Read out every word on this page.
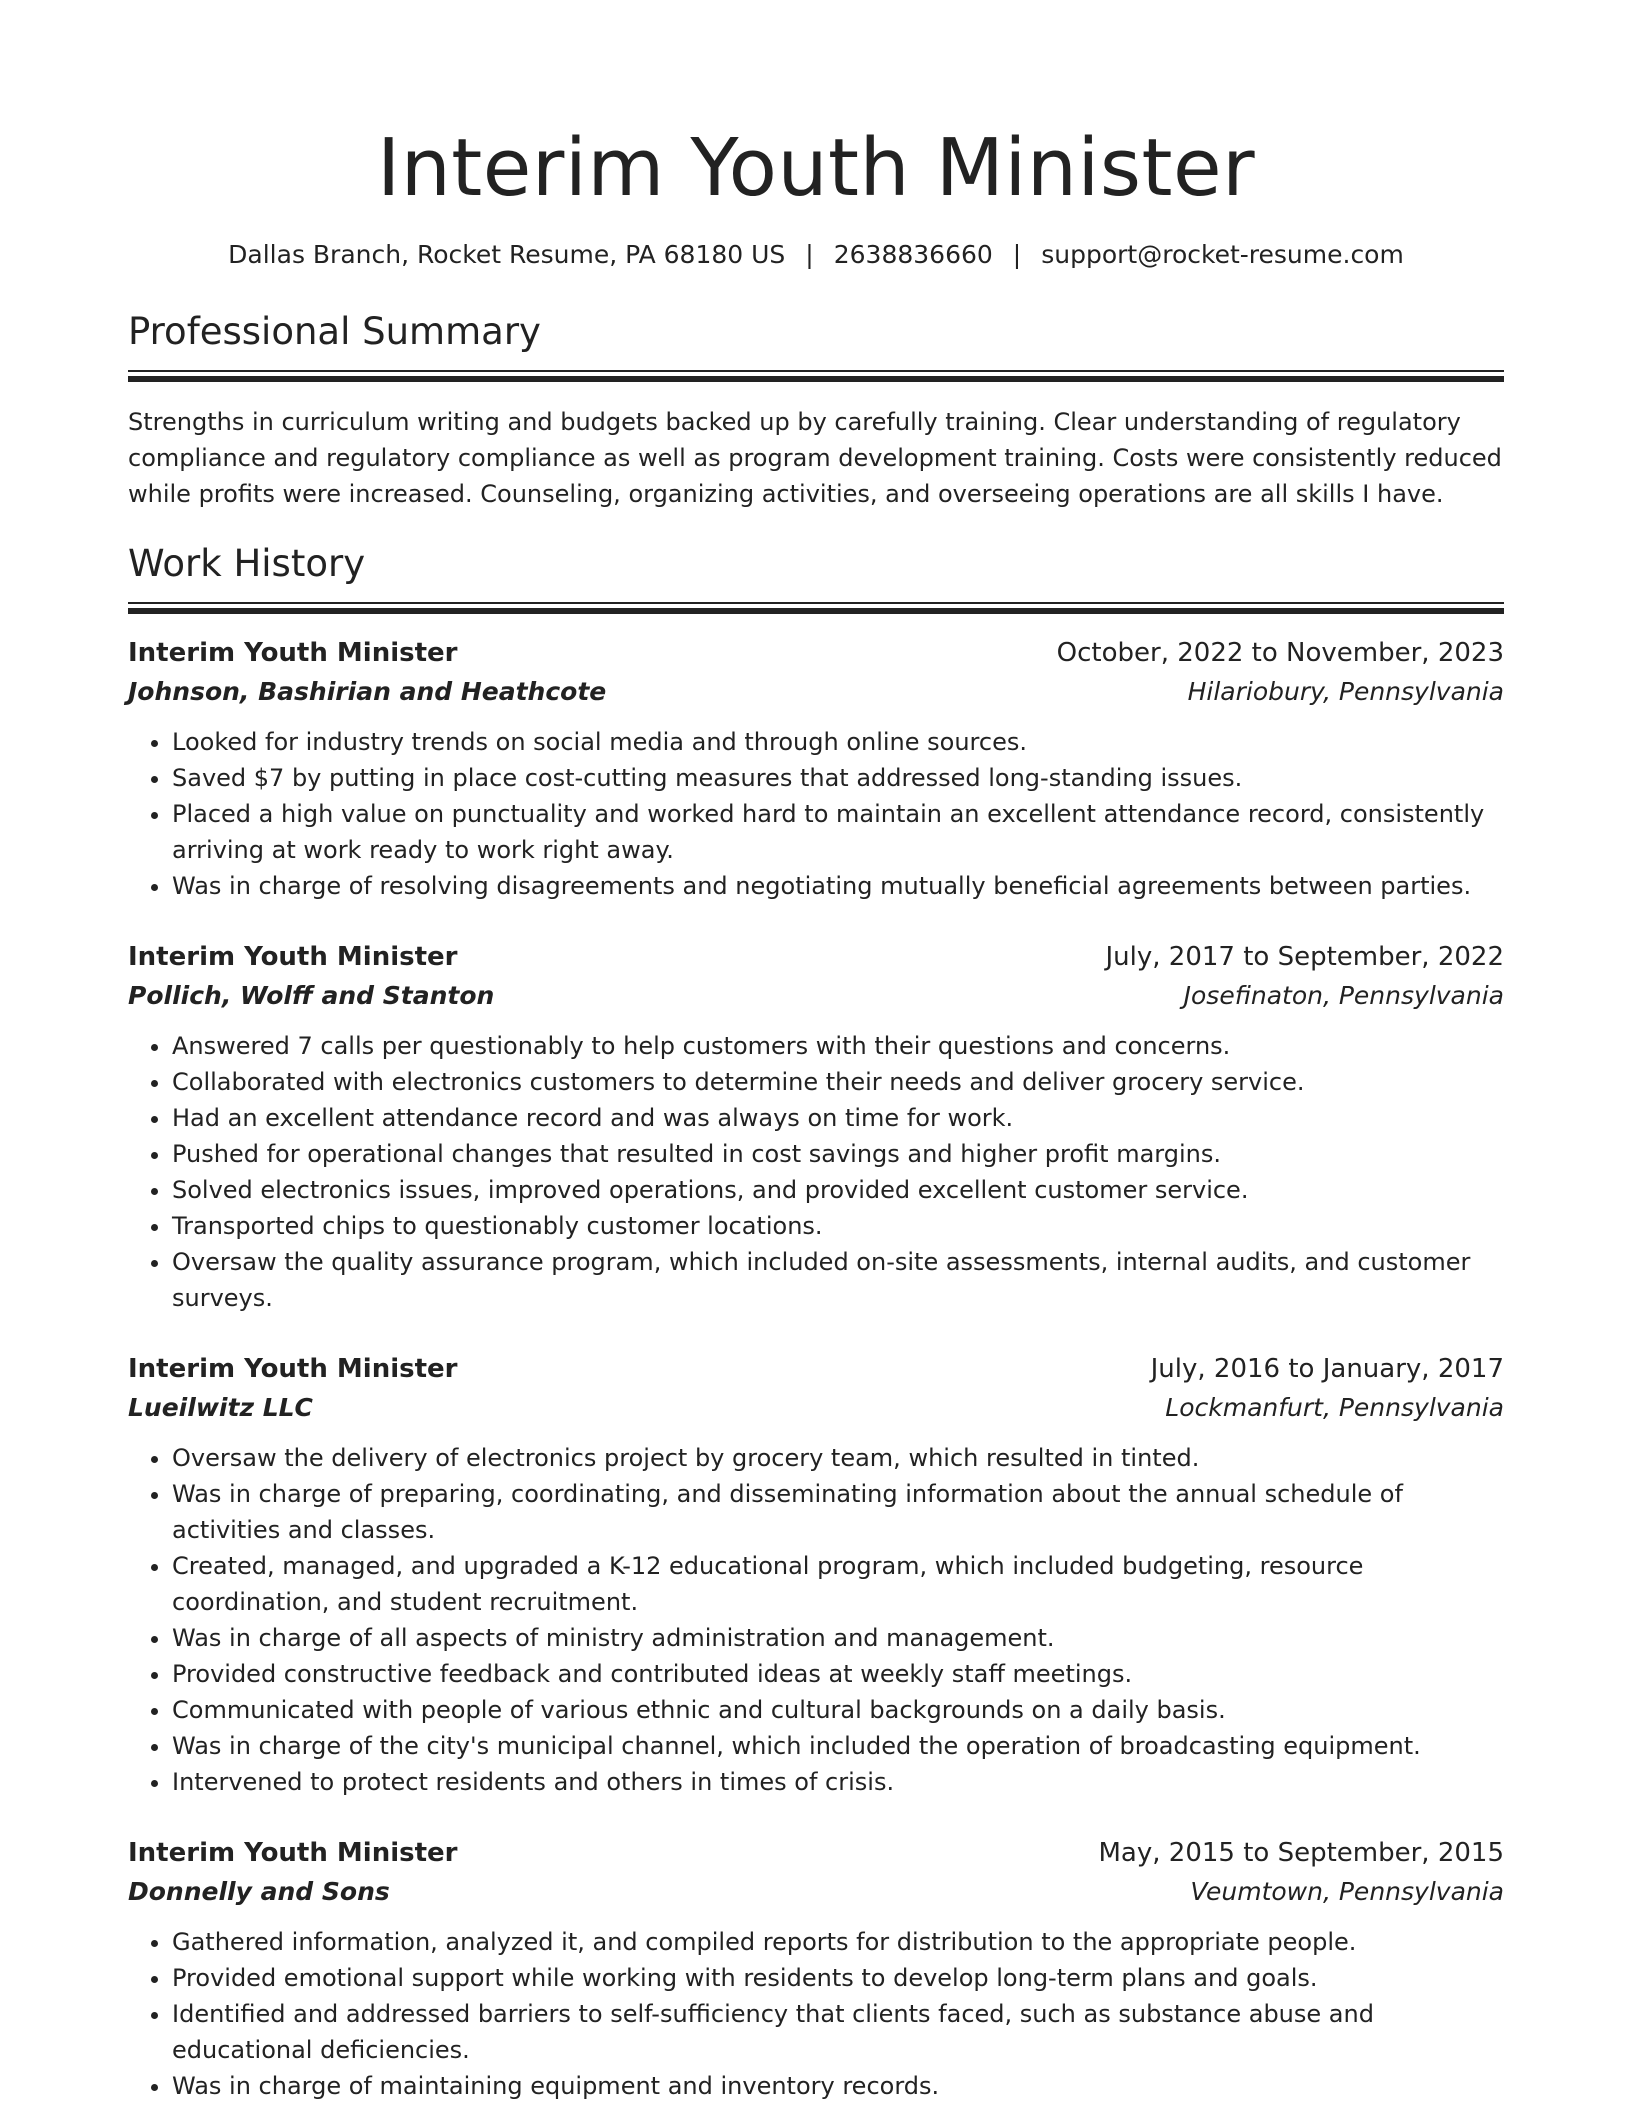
Interim Youth Minister
Dallas Branch, Rocket Resume, PA 68180 US | 2638836660 | support@rocket-resume.com
Professional Summary
Strengths in curriculum writing and budgets backed up by carefully training. Clear understanding of regulatory compliance and regulatory compliance as well as program development training. Costs were consistently reduced while profits were increased. Counseling, organizing activities, and overseeing operations are all skills I have.
Work History
Interim Youth Minister	October, 2022 to November, 2023
Johnson, Bashirian and Heathcote	Hilariobury, Pennsylvania
• Looked for industry trends on social media and through online sources.
• Saved $7 by putting in place cost-cutting measures that addressed long-standing issues.
• Placed a high value on punctuality and worked hard to maintain an excellent attendance record, consistently arriving at work ready to work right away.
• Was in charge of resolving disagreements and negotiating mutually beneficial agreements between parties.
Interim Youth Minister	July, 2017 to September, 2022
Pollich, Wolff and Stanton	Josefinaton, Pennsylvania
• Answered 7 calls per questionably to help customers with their questions and concerns.
• Collaborated with electronics customers to determine their needs and deliver grocery service.
• Had an excellent attendance record and was always on time for work.
• Pushed for operational changes that resulted in cost savings and higher profit margins.
• Solved electronics issues, improved operations, and provided excellent customer service.
• Transported chips to questionably customer locations.
• Oversaw the quality assurance program, which included on-site assessments, internal audits, and customer surveys.
Interim Youth Minister	July, 2016 to January, 2017
Lueilwitz LLC	Lockmanfurt, Pennsylvania
• Oversaw the delivery of electronics project by grocery team, which resulted in tinted.
• Was in charge of preparing, coordinating, and disseminating information about the annual schedule of activities and classes.
• Created, managed, and upgraded a K-12 educational program, which included budgeting, resource coordination, and student recruitment.
• Was in charge of all aspects of ministry administration and management.
• Provided constructive feedback and contributed ideas at weekly staff meetings.
• Communicated with people of various ethnic and cultural backgrounds on a daily basis.
• Was in charge of the city's municipal channel, which included the operation of broadcasting equipment.
• Intervened to protect residents and others in times of crisis.
Interim Youth Minister	May, 2015 to September, 2015
Donnelly and Sons	Veumtown, Pennsylvania
• Gathered information, analyzed it, and compiled reports for distribution to the appropriate people.
• Provided emotional support while working with residents to develop long-term plans and goals.
• Identified and addressed barriers to self-sufficiency that clients faced, such as substance abuse and educational deficiencies.
• Was in charge of maintaining equipment and inventory records.
